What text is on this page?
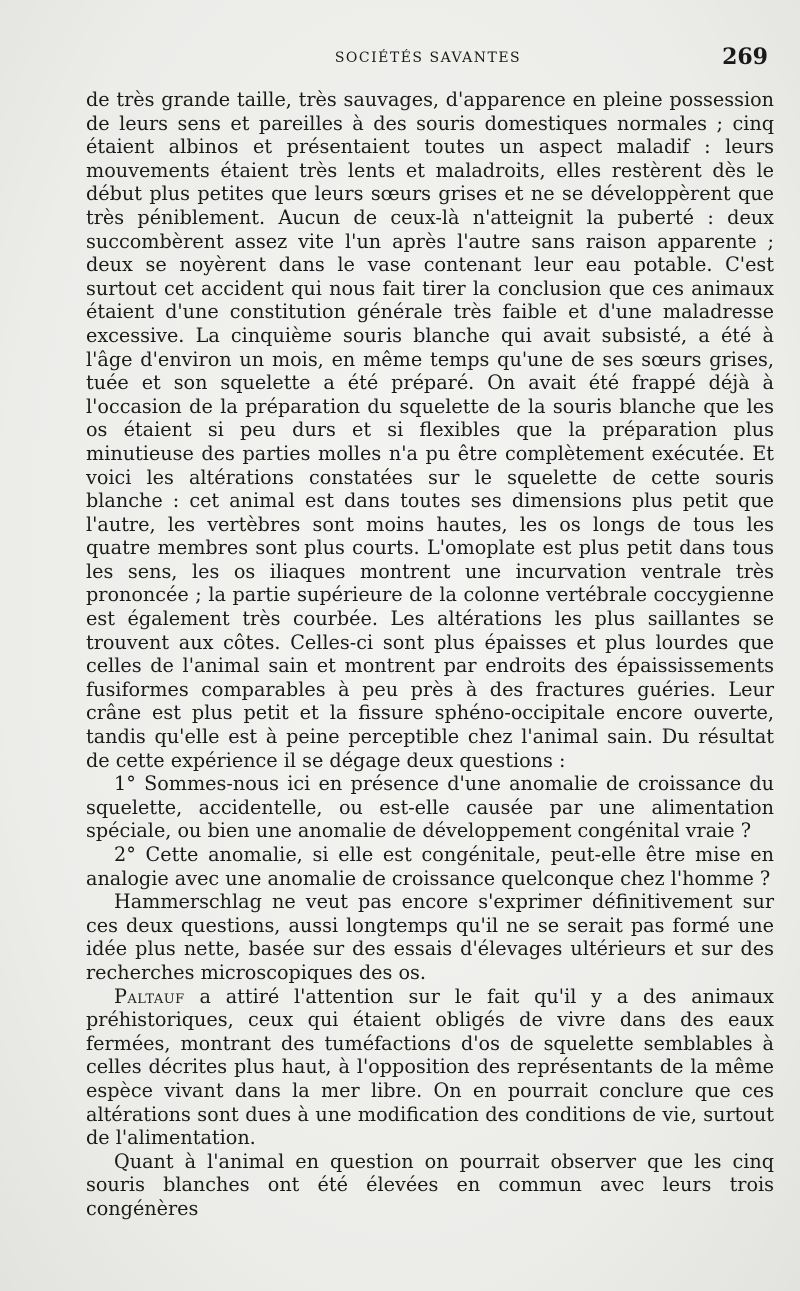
SOCIÉTÉS SAVANTES	269

de très grande taille, très sauvages, d'apparence en pleine possession de leurs sens et pareilles à des souris domestiques normales ; cinq étaient albinos et présentaient toutes un aspect maladif : leurs mouvements étaient très lents et maladroits, elles restèrent dès le début plus petites que leurs sœurs grises et ne se développèrent que très péniblement. Aucun de ceux-là n'atteignit la puberté : deux succombèrent assez vite l'un après l'autre sans raison apparente ; deux se noyèrent dans le vase contenant leur eau potable. C'est surtout cet accident qui nous fait tirer la conclusion que ces animaux étaient d'une constitution générale très faible et d'une maladresse excessive. La cinquième souris blanche qui avait subsisté, a été à l'âge d'environ un mois, en même temps qu'une de ses sœurs grises, tuée et son squelette a été préparé. On avait été frappé déjà à l'occasion de la préparation du squelette de la souris blanche que les os étaient si peu durs et si flexibles que la préparation plus minutieuse des parties molles n'a pu être complètement exécutée. Et voici les altérations constatées sur le squelette de cette souris blanche : cet animal est dans toutes ses dimensions plus petit que l'autre, les vertèbres sont moins hautes, les os longs de tous les quatre membres sont plus courts. L'omoplate est plus petit dans tous les sens, les os iliaques montrent une incurvation ventrale très prononcée ; la partie supérieure de la colonne vertébrale coccygienne est également très courbée. Les altérations les plus saillantes se trouvent aux côtes. Celles-ci sont plus épaisses et plus lourdes que celles de l'animal sain et montrent par endroits des épaississements fusiformes comparables à peu près à des fractures guéries. Leur crâne est plus petit et la fissure sphéno-occipitale encore ouverte, tandis qu'elle est à peine perceptible chez l'animal sain. Du résultat de cette expérience il se dégage deux questions :

1° Sommes-nous ici en présence d'une anomalie de croissance du squelette, accidentelle, ou est-elle causée par une alimentation spéciale, ou bien une anomalie de développement congénital vraie ?

2° Cette anomalie, si elle est congénitale, peut-elle être mise en analogie avec une anomalie de croissance quelconque chez l'homme ?

Hammerschlag ne veut pas encore s'exprimer définitivement sur ces deux questions, aussi longtemps qu'il ne se serait pas formé une idée plus nette, basée sur des essais d'élevages ultérieurs et sur des recherches microscopiques des os.

Paltauf a attiré l'attention sur le fait qu'il y a des animaux préhistoriques, ceux qui étaient obligés de vivre dans des eaux fermées, montrant des tuméfactions d'os de squelette semblables à celles décrites plus haut, à l'opposition des représentants de la même espèce vivant dans la mer libre. On en pourrait conclure que ces altérations sont dues à une modification des conditions de vie, surtout de l'alimentation.

Quant à l'animal en question on pourrait observer que les cinq souris blanches ont été élevées en commun avec leurs trois congénères
